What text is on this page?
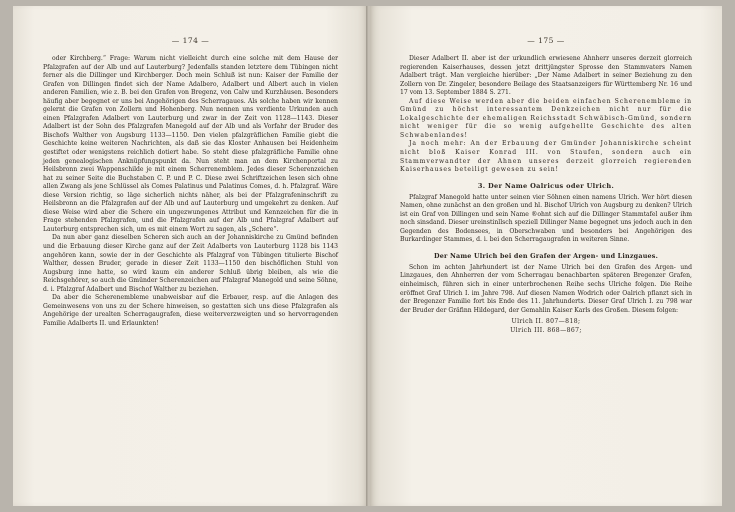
— 174 —

oder Kirchberg.“ Frage: Warum nicht vielleicht durch eine solche mit dem Hause der Pfalzgrafen auf der Alb und auf Lauterburg? Jedenfalls standen letztere dem Tübingen nicht ferner als die Dillinger und Kirchberger. Doch mein Schluß ist nun: Kaiser der Familie der Grafen von Dillingen findet sich der Name Adalbero, Adalbert und Albert auch in vielen anderen Familien, wie z. B. bei den Grafen von Bregenz, von Calw und Kurzhäusen. Besonders häufig aber begegnet er uns bei Angehörigen des Scherragaues. Als solche haben wir kennen gelernt die Grafen von Zollern und Hohenberg. Nun nennen uns verdiente Urkunden auch einen Pfalzgrafen Adalbert von Lauterburg und zwar in der Zeit von 1128—1143. Dieser Adalbert ist der Sohn des Pfalzgrafen Manegold auf der Alb und als Vorfahr der Bruder des Bischofs Walther von Augsburg 1133—1150. Den vielen pfalzgräflichen Familie giebt die Geschichte keine weiteren Nachrichten, als daß sie das Kloster Anhausen bei Heidenheim gestiftet oder wenigstens reichlich dotiert habe. So steht diese pfalzgräfliche Familie ohne jeden genealogischen Anknüpfungspunkt da. Nun steht man an dem Kirchenportal zu Heilsbronn zwei Wappenschilde je mit einem Scherrenemblem. Jedes dieser Scherenzeichen hat zu seiner Seite die Buchstaben C. P. und P. C. Diese zwei Schriftzeichen lesen sich ohne allen Zwang als jene Schlüssel als Comes Palatinus und Palatinus Comes, d. h. Pfalzgraf. Wäre diese Version richtig, so läge sicherlich nichts näher, als bei der Pfalzgrafeninschrift zu Heilsbronn an die Pfalzgrafen auf der Alb und auf Lauterburg und umgekehrt zu denken. Auf diese Weise wird aber die Schere ein ungezwungenes Attribut und Kennzeichen für die in Frage stehenden Pfalzgrafen, und die Pfalzgrafen auf der Alb und Pfalzgraf Adalbert auf Lauterburg entsprechen sich, um es mit einem Wort zu sagen, als „Schere“.

Da nun aber ganz dieselben Scheren sich auch an der Johanniskirche zu Gmünd befinden und die Erbauung dieser Kirche ganz auf der Zeit Adalberts von Lauterburg 1128 bis 1143 angehören kann, sowie der in der Geschichte als Pfalzgraf von Tübingen titulierte Bischof Walther, dessen Bruder, gerade in dieser Zeit 1133—1150 den bischöflichen Stuhl von Augsburg inne hatte, so wird kaum ein anderer Schluß übrig bleiben, als wie die Reichsgehörer, so auch die Gmünder Scherenzeichen auf Pfalzgraf Manegold und seine Söhne, d. i. Pfalzgraf Adalbert und Bischof Walther zu beziehen.

Da aber die Scherenembleme unabweisbar auf die Erbauer, resp. auf die Anlagen des Gemeinwesens von uns zu der Schere hinweisen, so gestatten sich uns diese Pfalzgrafen als Angehörige der urealten Scherragaugrafen, diese weiterverzweigten und so hervorragenden Familie Adalberts II. und Erlaunkten!

— 175 —

Dieser Adalbert II. aber ist der urkundlich erwiesene Ahnherr unseres derzeit glorreich regierenden Kaiserhauses, dessen jetzt drittjüngster Sprosse den Stammvaters Namen Adalbert trägt. Man vergleiche hierüber: „Der Name Adalbert in seiner Beziehung zu den Zollern von Dr. Zingeler, besondere Beilage des Staatsanzeigers für Württemberg Nr. 16 und 17 vom 13. September 1884 S. 271.

Auf diese Weise werden aber die beiden einfachen Scherenembleme in Gmünd zu höchst interessantem Denkzeichen nicht nur für die Lokalgeschichte der ehemaligen Reichsstadt Schwäbisch-Gmünd, sondern nicht weniger für die so wenig aufgehellte Geschichte des alten Schwabenlandes!

Ja noch mehr: An der Erbauung der Gmünder Johanniskirche scheint nicht bloß Kaiser Konrad III. von Staufen, sondern auch ein Stammverwandter der Ahnen unseres derzeit glorreich regierenden Kaiserhauses beteiligt gewesen zu sein!

3. Der Name Oalricus oder Ulrich.

Pfalzgraf Manegold hatte unter seinen vier Söhnen einen namens Ulrich. Wer hört diesen Namen, ohne zunächst an den großen und hl. Bischof Ulrich von Augsburg zu denken? Ulrich ist ein Graf von Dillingen und sein Name ®ohnt sich auf die Dillinger Stammtafel außer ihm noch sinsdand. Dieser ureinstinllsch speziell Dillinger Name begegnet uns jedoch auch in den Gegenden des Bodensees, in Oberschwaben und besonders bei Angehörigen des Burkardinger Stammes, d. i. bei den Scherragaugrafen in weiteren Sinne.

Der Name Ulrich bei den Grafen der Argen- und Linzgaues.

Schon im achten Jahrhundert ist der Name Ulrich bei den Grafen des Argen- und Linzgaues, den Ahnherren der vom Scherragau benachbarten späteren Bregenzer Grafen, einheimisch, führen sich in einer unterbrochenen Reihe sechs Ulriche folgen. Die Reihe eröffnet Graf Ulrich I. im Jahre 798. Auf diesen Namen Wodrich oder Oalrich pflanzt sich in der Bregenzer Familie fort bis Ende des 11. Jahrhunderts. Dieser Graf Ulrich I. zu 798 war der Bruder der Gräfinn Hildegard, der Gemahlin Kaiser Karls des Großen. Diesem folgen:

Ulrich II. 807—818;
Ulrich III. 868—867;
